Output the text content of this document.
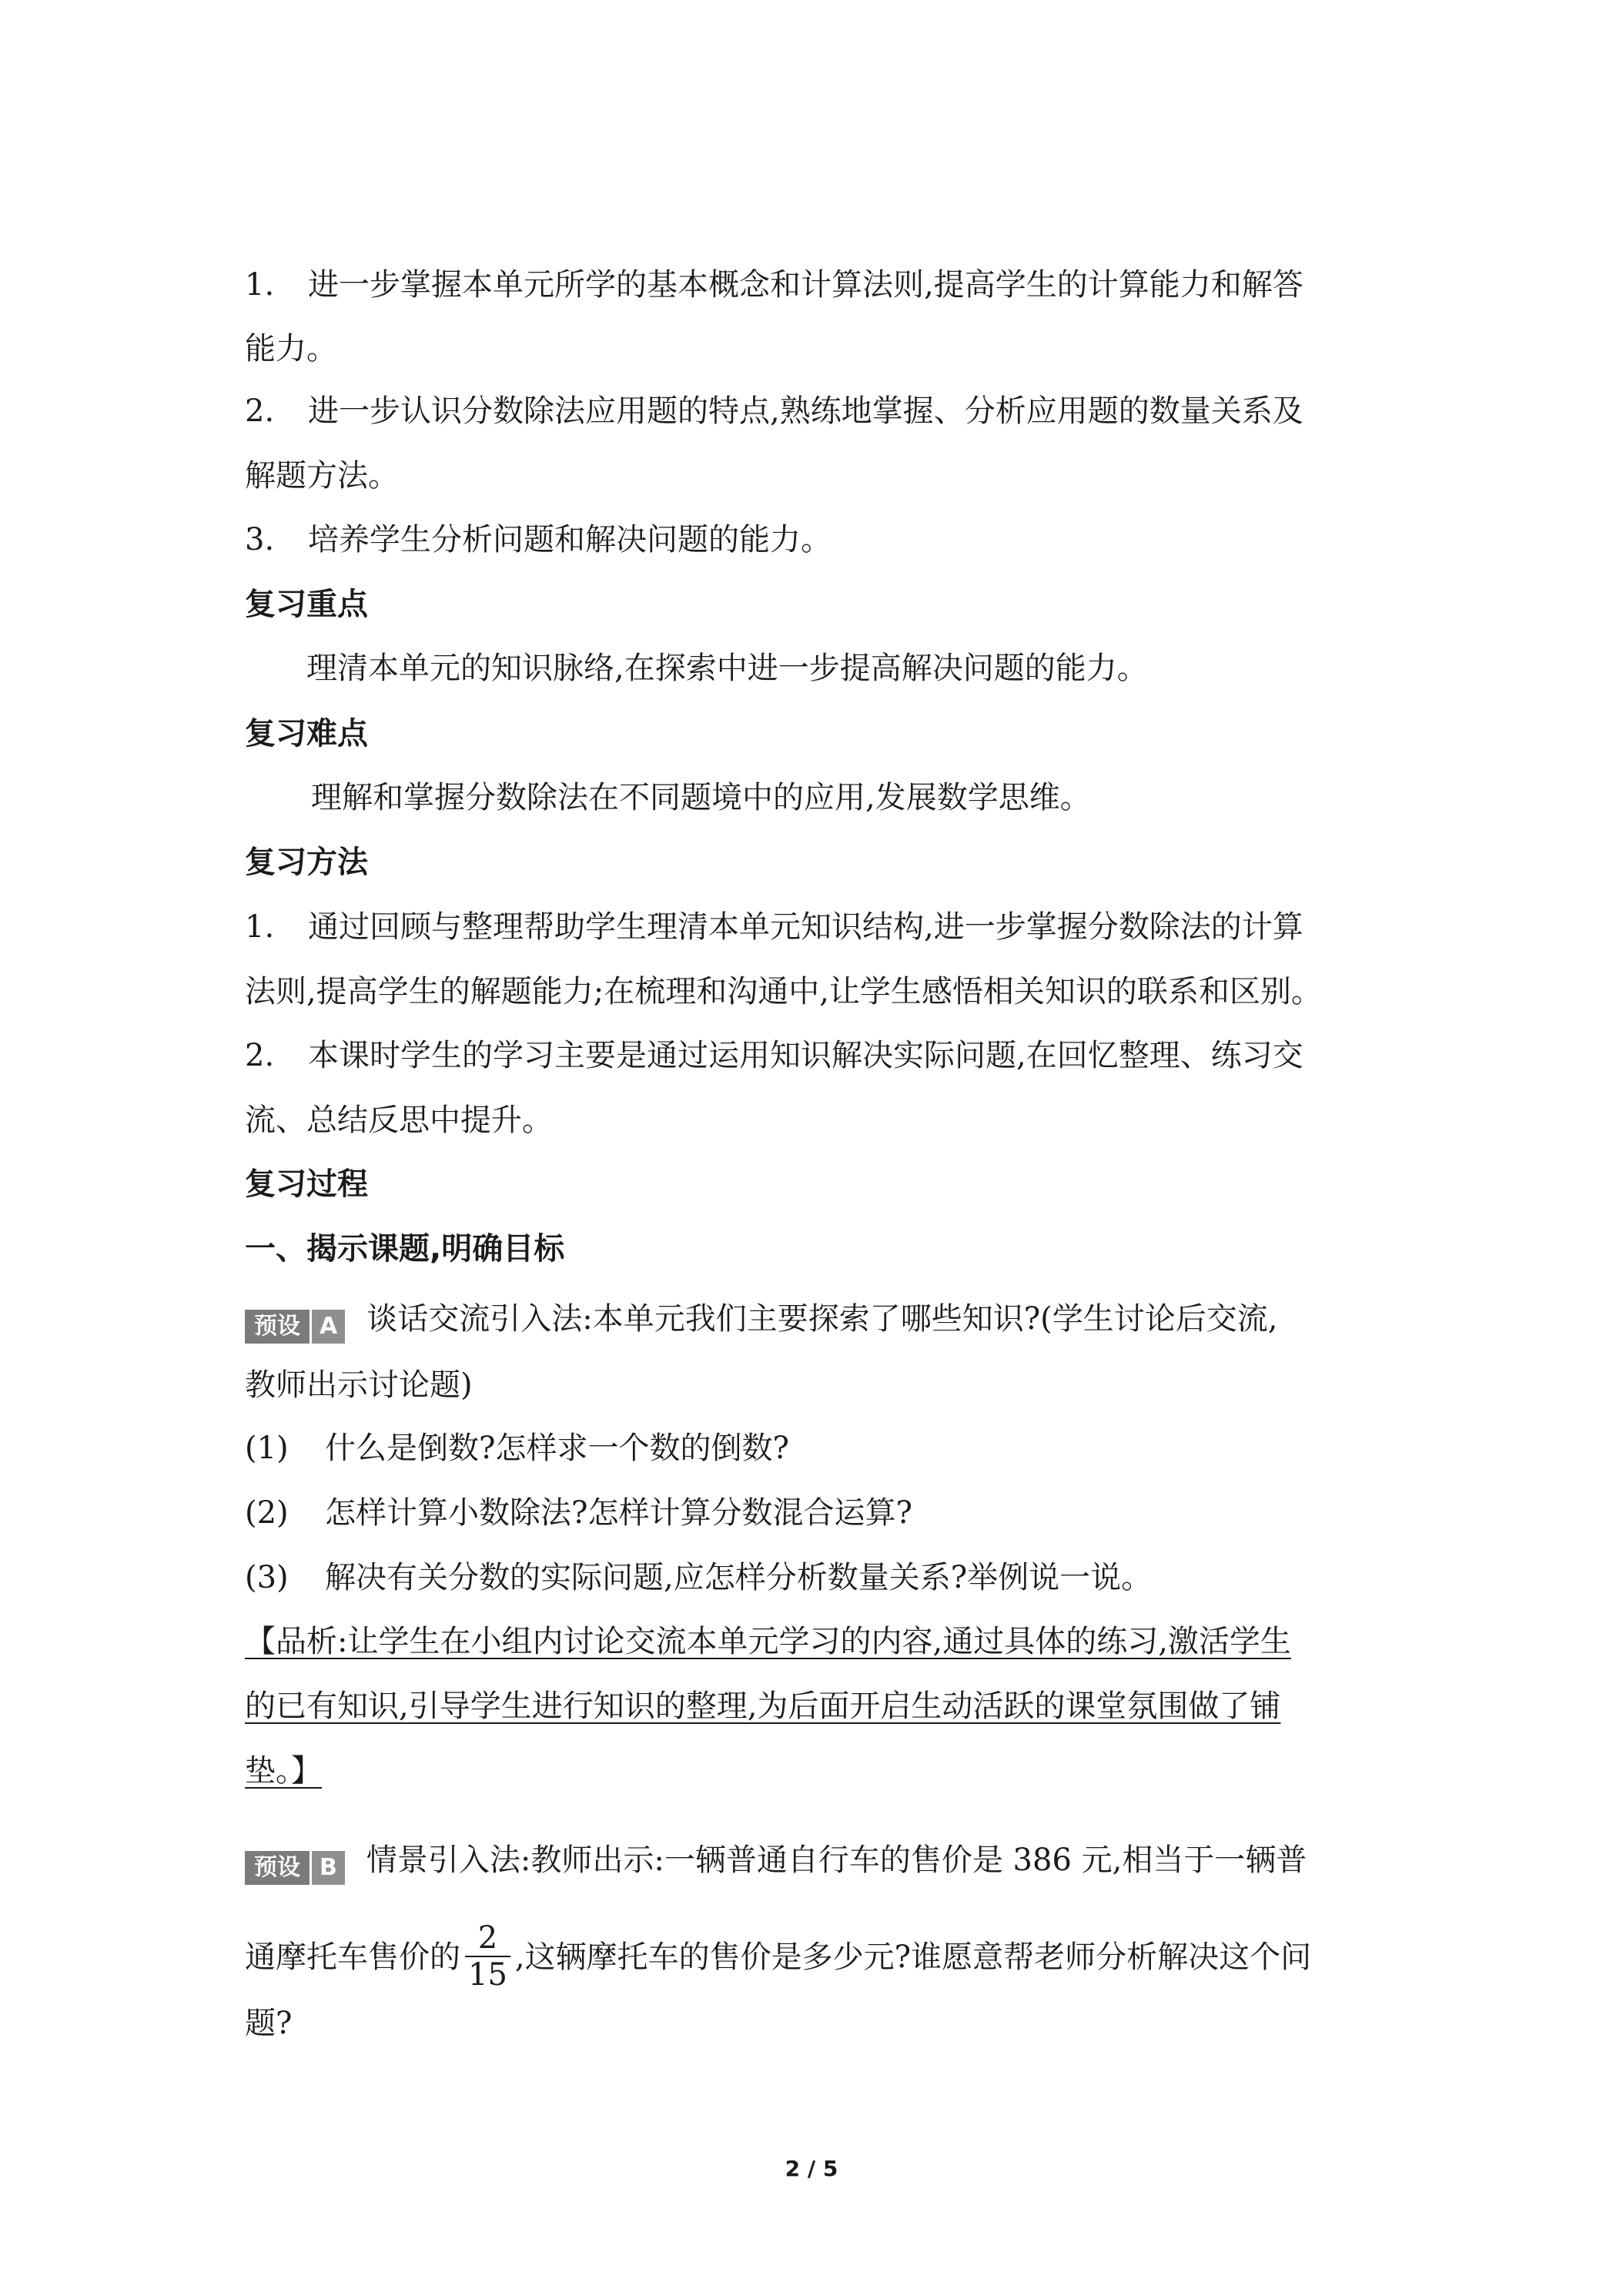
1. 进一步掌握本单元所学的基本概念和计算法则,提高学生的计算能力和解答
能力。
2. 进一步认识分数除法应用题的特点,熟练地掌握、分析应用题的数量关系及
解题方法。
3. 培养学生分析问题和解决问题的能力。
复习重点
理清本单元的知识脉络,在探索中进一步提高解决问题的能力。
复习难点
理解和掌握分数除法在不同题境中的应用,发展数学思维。
复习方法
1. 通过回顾与整理帮助学生理清本单元知识结构,进一步掌握分数除法的计算
法则,提高学生的解题能力;在梳理和沟通中,让学生感悟相关知识的联系和区别。
2. 本课时学生的学习主要是通过运用知识解决实际问题,在回忆整理、练习交
流、总结反思中提升。
复习过程
一、揭示课题,明确目标
预设 A 谈话交流引入法:本单元我们主要探索了哪些知识?(学生讨论后交流,
教师出示讨论题)
(1) 什么是倒数?怎样求一个数的倒数?
(2) 怎样计算小数除法?怎样计算分数混合运算?
(3) 解决有关分数的实际问题,应怎样分析数量关系?举例说一说。
【品析:让学生在小组内讨论交流本单元学习的内容,通过具体的练习,激活学生
的已有知识,引导学生进行知识的整理,为后面开启生动活跃的课堂氛围做了铺
垫。】
预设 B 情景引入法:教师出示:一辆普通自行车的售价是 386 元,相当于一辆普
通摩托车售价的 $\frac{2}{15}$ ,这辆摩托车的售价是多少元?谁愿意帮老师分析解决这个问
题?
2 / 5
